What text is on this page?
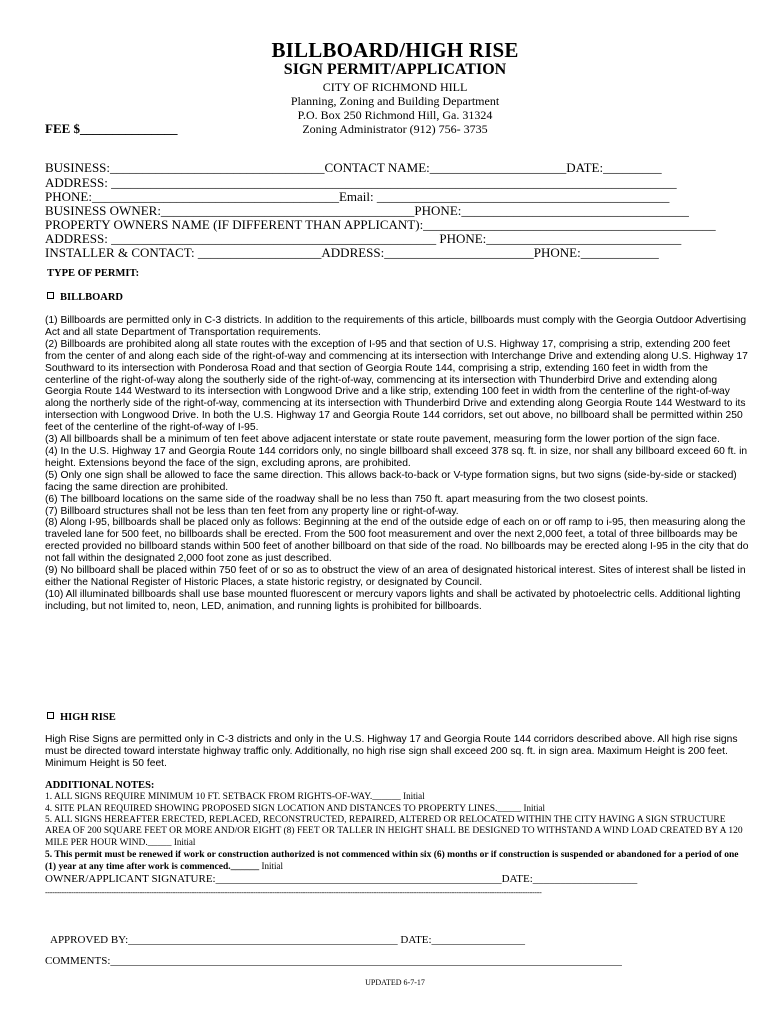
BILLBOARD/HIGH RISE
SIGN PERMIT/APPLICATION
CITY OF RICHMOND HILL
Planning, Zoning and Building Department
P.O. Box 250 Richmond Hill, Ga. 31324
Zoning Administrator (912) 756- 3735
FEE $_______________
BUSINESS:_________________________________CONTACT NAME:_____________________DATE:_________
ADDRESS: _______________________________________________________________________________________
PHONE:______________________________________Email: _____________________________________________
BUSINESS OWNER:_______________________________________PHONE:___________________________________
PROPERTY OWNERS NAME (IF DIFFERENT THAN APPLICANT):_____________________________________________
ADDRESS: __________________________________________________ PHONE:______________________________
INSTALLER & CONTACT: ___________________ADDRESS:_______________________PHONE:____________
TYPE OF PERMIT:
BILLBOARD

(1) Billboards are permitted only in C-3 districts. In addition to the requirements of this article, billboards must comply with the Georgia Outdoor Advertising Act and all state Department of Transportation requirements.

(2) Billboards are prohibited along all state routes with the exception of I-95 and that section of U.S. Highway 17, comprising a strip, extending 200 feet from the center of and along each side of the right-of-way and commencing at its intersection with Interchange Drive and extending along U.S. Highway 17 Southward to its intersection with Ponderosa Road and that section of Georgia Route 144, comprising a strip, extending 160 feet in width from the centerline of the right-of-way along the southerly side of the right-of-way, commencing at its intersection with Thunderbird Drive and extending along Georgia Route 144 Westward to its intersection with Longwood Drive and a like strip, extending 100 feet in width from the centerline of the right-of-way along the northerly side of the right-of-way, commencing at its intersection with Thunderbird Drive and extending along Georgia Route 144 Westward to its intersection with Longwood Drive. In both the U.S. Highway 17 and Georgia Route 144 corridors, set out above, no billboard shall be permitted within 250 feet of the centerline of the right-of-way of I-95.

(3) All billboards shall be a minimum of ten feet above adjacent interstate or state route pavement, measuring form the lower portion of the sign face.

(4) In the U.S. Highway 17 and Georgia Route 144 corridors only, no single billboard shall exceed 378 sq. ft. in size, nor shall any billboard exceed 60 ft. in height. Extensions beyond the face of the sign, excluding aprons, are prohibited.

(5) Only one sign shall be allowed to face the same direction. This allows back-to-back or V-type formation signs, but two signs (side-by-side or stacked) facing the same direction are prohibited.

(6) The billboard locations on the same side of the roadway shall be no less than 750 ft. apart measuring from the two closest points.

(7) Billboard structures shall not be less than ten feet from any property line or right-of-way.

(8) Along I-95, billboards shall be placed only as follows: Beginning at the end of the outside edge of each on or off ramp to i-95, then measuring along the traveled lane for 500 feet, no billboards shall be erected. From the 500 foot measurement and over the next 2,000 feet, a total of three billboards may be erected provided no billboard stands within 500 feet of another billboard on that side of the road. No billboards may be erected along I-95 in the city that do not fall within the designated 2,000 foot zone as just described.

(9) No billboard shall be placed within 750 feet of or so as to obstruct the view of an area of designated historical interest. Sites of interest shall be listed in either the National Register of Historic Places, a state historic registry, or designated by Council.

(10) All illuminated billboards shall use base mounted fluorescent or mercury vapors lights and shall be activated by photoelectric cells. Additional lighting including, but not limited to, neon, LED, animation, and running lights is prohibited for billboards.

HIGH RISE

High Rise Signs are permitted only in C-3 districts and only in the U.S. Highway 17 and Georgia Route 144 corridors described above. All high rise signs must be directed toward interstate highway traffic only. Additionally, no high rise sign shall exceed 200 sq. ft. in sign area. Maximum Height is 200 feet. Minimum Height is 50 feet.

ADDITIONAL NOTES:

1. ALL SIGNS REQUIRE MINIMUM 10 FT. SETBACK FROM RIGHTS-OF-WAY.______ Initial

4. SITE PLAN REQUIRED SHOWING PROPOSED SIGN LOCATION AND DISTANCES TO PROPERTY LINES._____ Initial

5. ALL SIGNS HEREAFTER ERECTED, REPLACED, RECONSTRUCTED, REPAIRED, ALTERED OR RELOCATED WITHIN THE CITY HAVING A SIGN STRUCTURE AREA OF 200 SQUARE FEET OR MORE AND/OR EIGHT (8) FEET OR TALLER IN HEIGHT SHALL BE DESIGNED TO WITHSTAND A WIND LOAD CREATED BY A 120 MILE PER HOUR WIND._____ Initial

5. This permit must be renewed if work or construction authorized is not commenced within six (6) months or if construction is suspended or abandoned for a period of one (1) year at any time after work is commenced.______ Initial

OWNER/APPLICANT SIGNATURE:____________________________________________________DATE:___________________
------------------------------------------------------------------------------------------------------------------------------------------------------------------------------------------------------------------
APPROVED BY:_________________________________________________ DATE:_________________
COMMENTS:_____________________________________________________________________________________________
UPDATED 6-7-17
